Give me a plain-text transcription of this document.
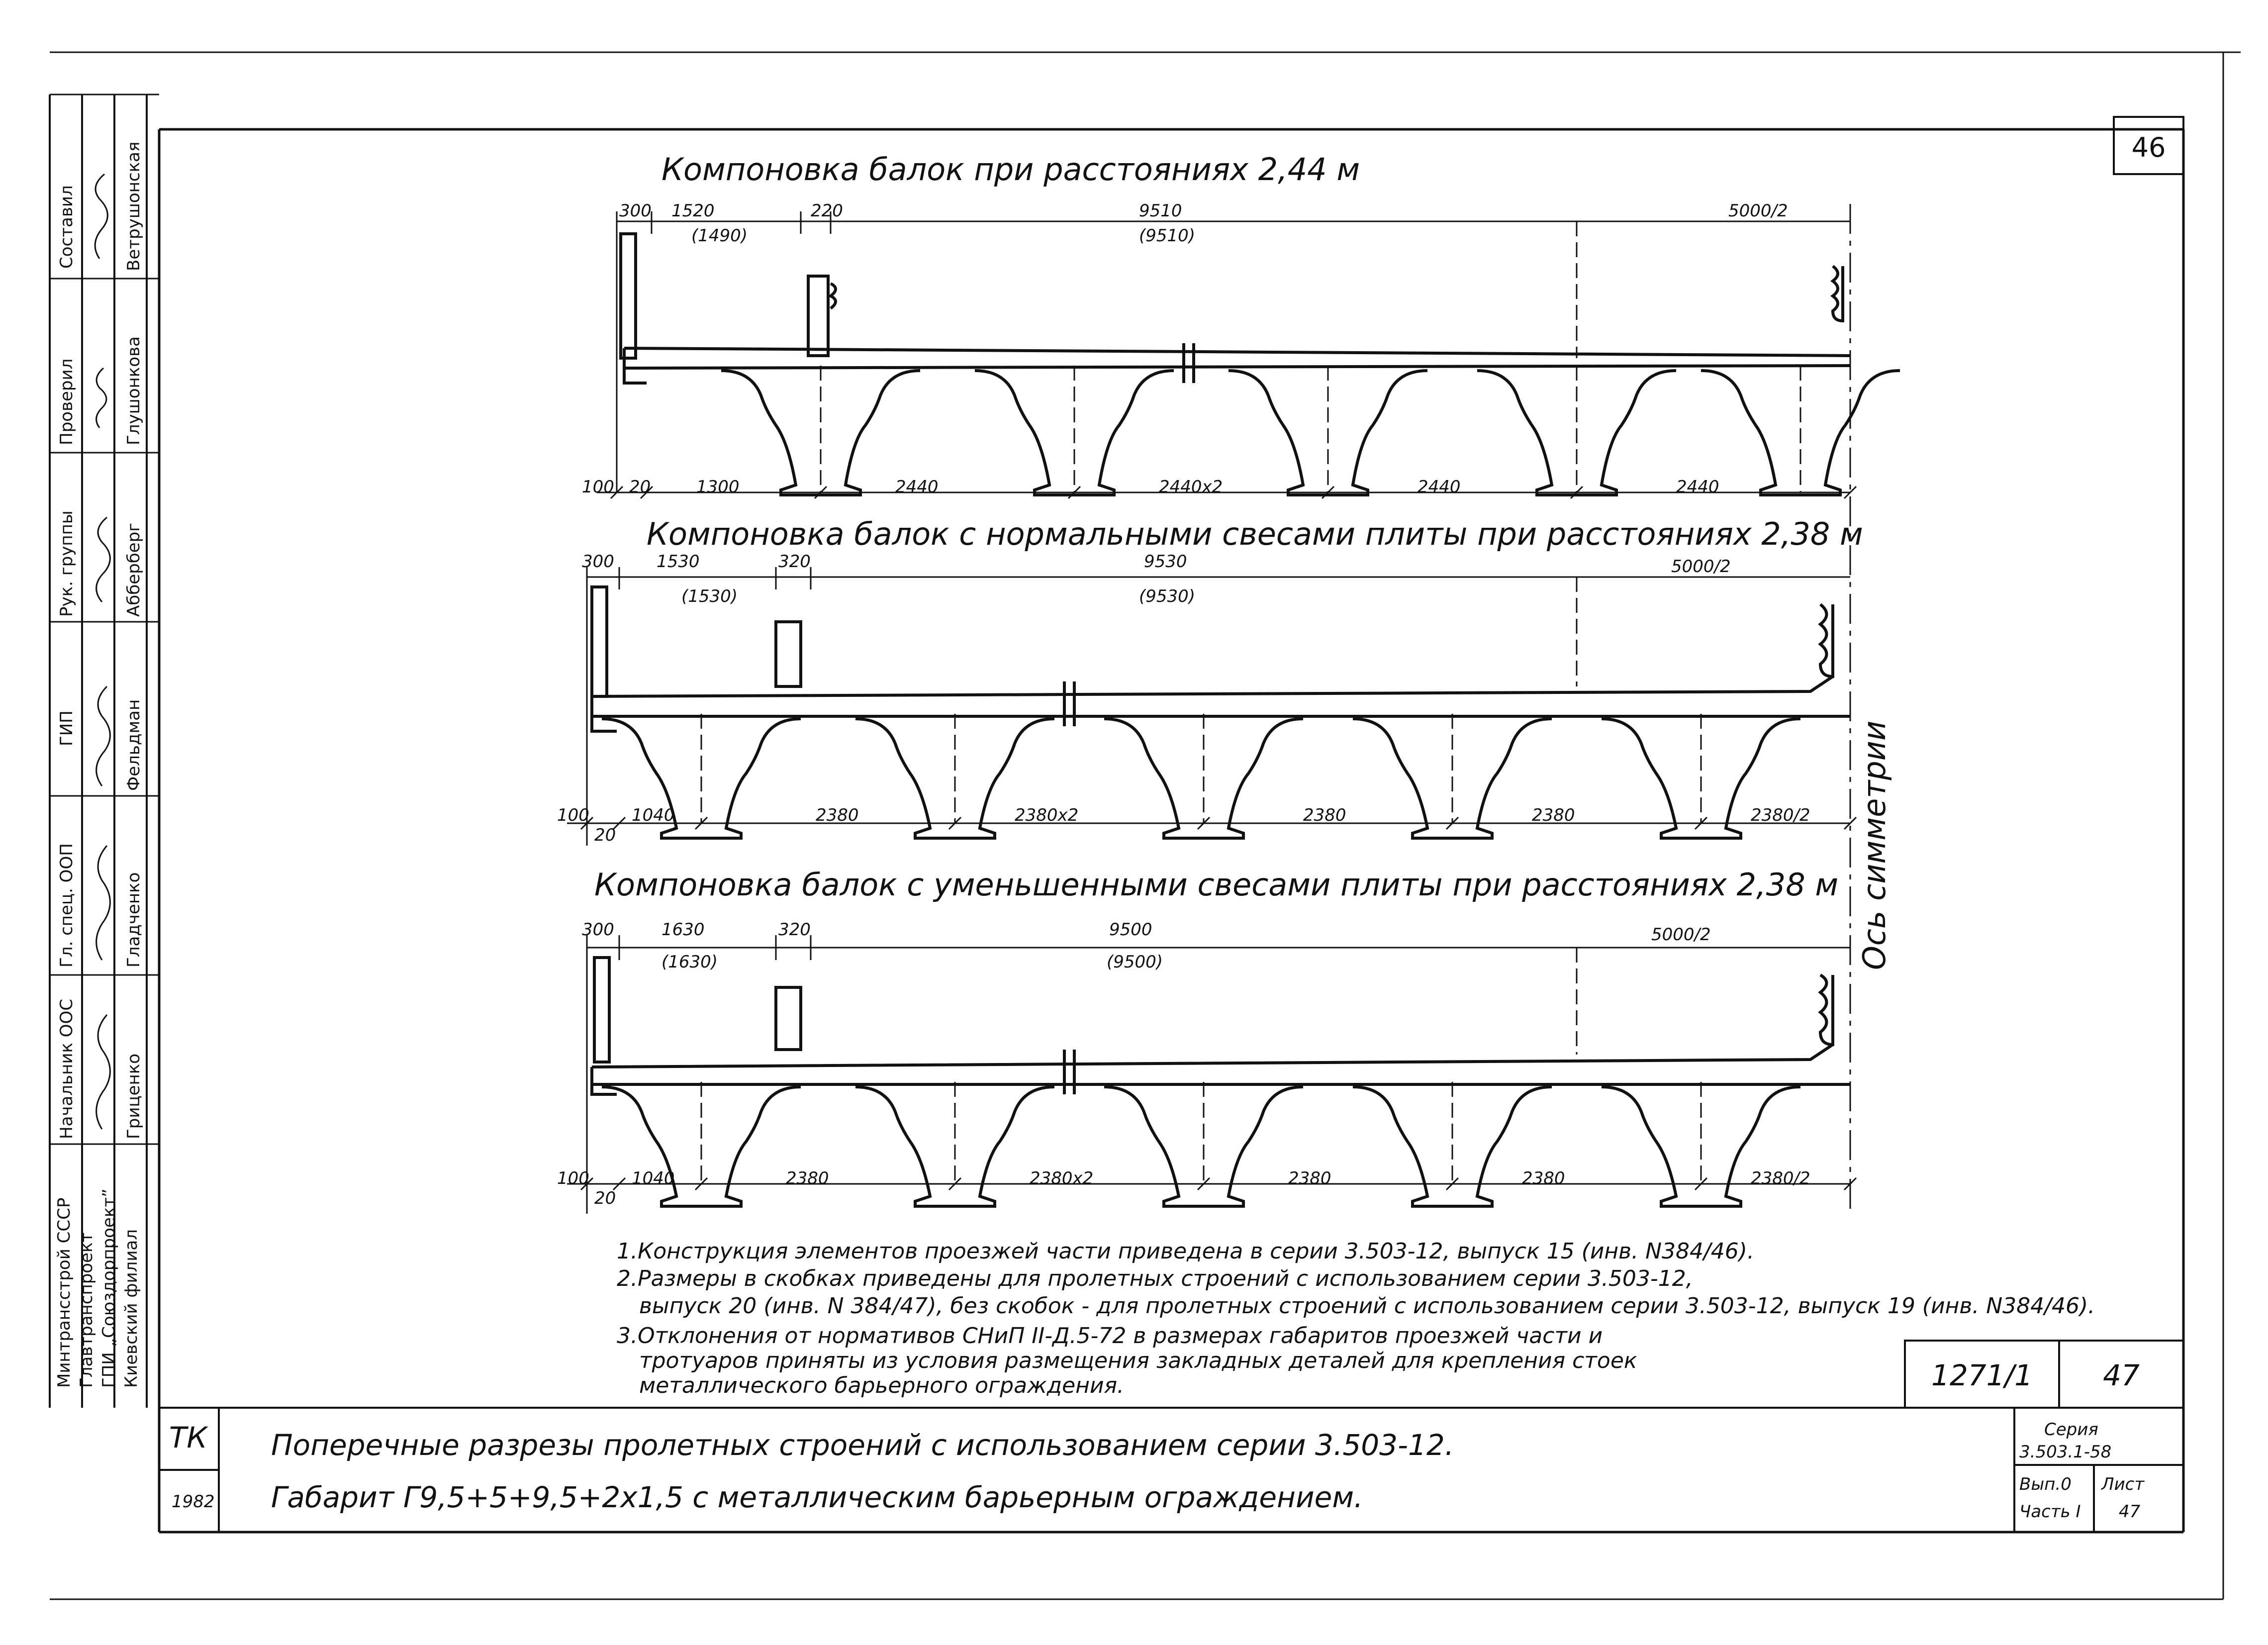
46
Составил	Ветрушонская
Проверил	Глушонкова
Рук. группы	Абберберг
ГИП	Фельдман
Гл. спец. ООП	Гладченко
Начальник ООС	Гриценко
Минтрансстрой СССР Главтранспроект ГПИ „Союздорпроект” Киевский филиал
Ось симметрии
Компоновка балок при расстояниях 2,44 м
300 1520
(1490)
220	9510
(9510)
5000/2
Компоновка балок с нормальными свесами плиты при расстояниях 2,38 м
300	1530
(1530)
320	9530
(9530)
5000/2
Компоновка балок с уменьшенными свесами плиты при расстояниях 2,38 м
300	1630
(1630)
320	9500
(9500)
5000/2
100 20	1300	2440	2440x2	2440	2440
100
20
1040	2380	2380x2	2380	2380	2380/2
100
20
1040	2380	2380x2	2380	2380	2380/2
1.Конструкция элементов проезжей части приведена в серии 3.503-12, выпуск 15 (инв. N384/46).
2.Размеры в скобках приведены для пролетных строений с использованием серии 3.503-12,
выпуск 20 (инв. N 384/47), без скобок - для пролетных строений с использованием серии 3.503-12, выпуск 19 (инв. N384/46).
3.Отклонения от нормативов СНиП II-Д.5-72 в размерах габаритов проезжей части и
тротуаров приняты из условия размещения закладных деталей для крепления стоек
металлического барьерного ограждения.	1271/1 47
ТК
1982
Поперечные разрезы пролетных строений с использованием серии 3.503-12.
Габарит Г9,5+5+9,5+2х1,5 с металлическим барьерным ограждением.
Серия
3.503.1-58
Вып.0
Часть I
Лист
47
